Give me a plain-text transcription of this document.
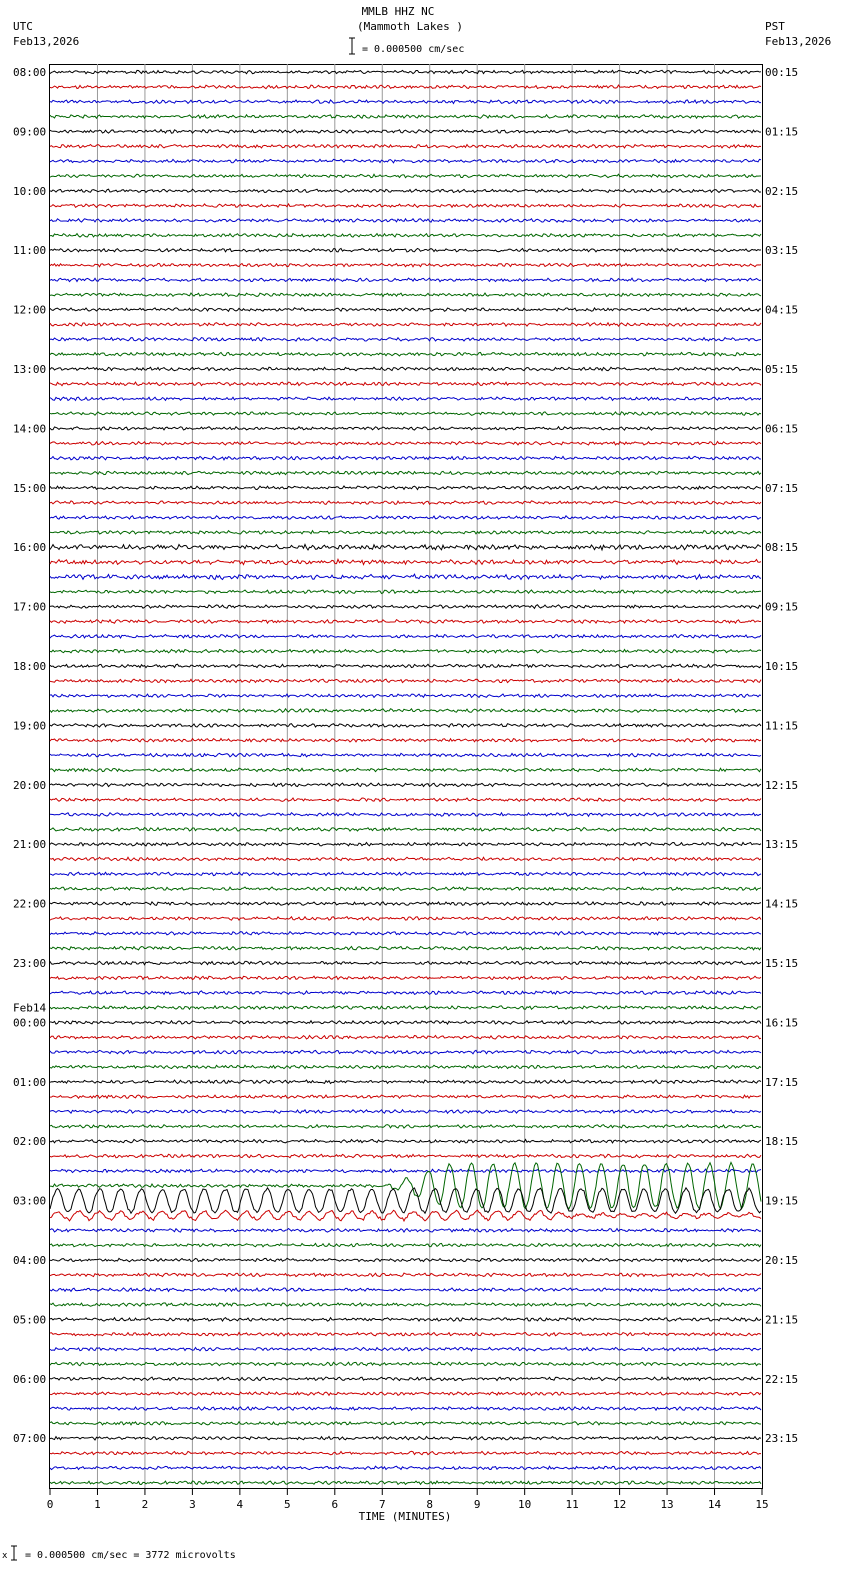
MMLB HHZ NC
(Mammoth Lakes )
= 0.000500 cm/sec
UTC
Feb13,2026
PST
Feb13,2026
08:00
09:00
10:00
11:00
12:00
13:00
14:00
15:00
16:00
17:00
18:00
19:00
20:00
21:00
22:00
23:00
00:00
01:00
02:00
03:00
04:00
05:00
06:00
07:00
Feb14
00:15
01:15
02:15
03:15
04:15
05:15
06:15
07:15
08:15
09:15
10:15
11:15
12:15
13:15
14:15
15:15
16:15
17:15
18:15
19:15
20:15
21:15
22:15
23:15
0	1	2	3	4	5	6	7	8	9	10	11	12	13	14	15
TIME (MINUTES)
x = 0.000500 cm/sec = 3772 microvolts
